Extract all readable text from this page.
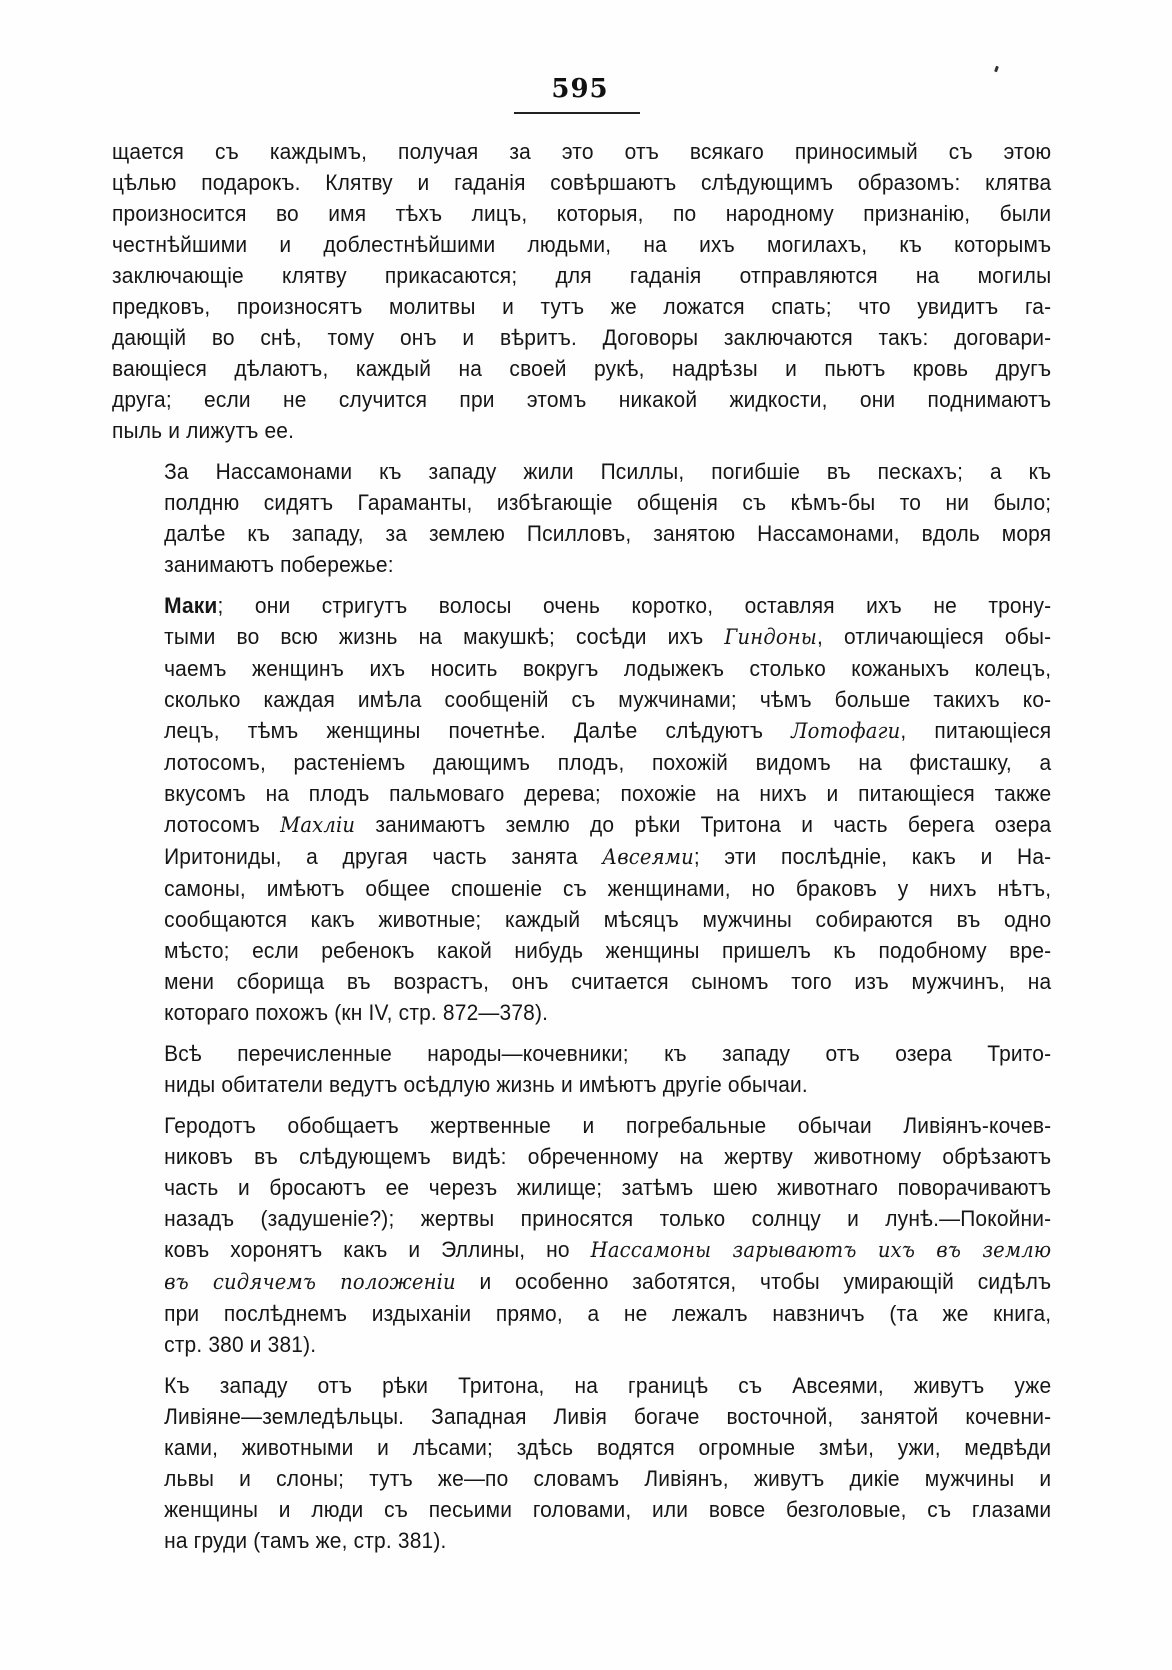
595
щается съ каждымъ, получая за это отъ всякаго приносимый съ этою
цѣлью подарокъ. Клятву и гаданія совѣршаютъ слѣдующимъ образомъ: клятва
произносится во имя тѣхъ лицъ, которыя, по народному признанію, были
честнѣйшими и доблестнѣйшими людьми, на ихъ могилахъ, къ которымъ
заключающіе клятву прикасаются; для гаданія отправляются на могилы
предковъ, произносятъ молитвы и тутъ же ложатся спать; что увидитъ га-
дающій во снѣ, тому онъ и вѣритъ. Договоры заключаются такъ: договари-
вающіеся дѣлаютъ, каждый на своей рукѣ, надрѣзы и пьютъ кровь другъ
друга; если не случится при этомъ никакой жидкости, они поднимаютъ
пыль и лижутъ ее.
За Нассамонами къ западу жили Псиллы, погибшіе въ пескахъ; а къ
полдню сидятъ Гараманты, избѣгающіе общенія съ кѣмъ-бы то ни было;
далѣе къ западу, за землею Псилловъ, занятою Нассамонами, вдоль моря
занимаютъ побережье:
Маки; они стригутъ волосы очень коротко, оставляя ихъ не трону-
тыми во всю жизнь на макушкѣ; сосѣди ихъ Гиндоны, отличающіеся обы-
чаемъ женщинъ ихъ носить вокругъ лодыжекъ столько кожаныхъ колецъ,
сколько каждая имѣла сообщеній съ мужчинами; чѣмъ больше такихъ ко-
лецъ, тѣмъ женщины почетнѣе. Далѣе слѣдуютъ Лотофаги, питающіеся
лотосомъ, растеніемъ дающимъ плодъ, похожій видомъ на фисташку, а
вкусомъ на плодъ пальмоваго дерева; похожіе на нихъ и питающіеся также
лотосомъ Махліи занимаютъ землю до рѣки Тритона и часть берега озера
Иритониды, а другая часть занята Авсеями; эти послѣдніе, какъ и На-
самоны, имѣютъ общее спошеніе съ женщинами, но браковъ у нихъ нѣтъ,
сообщаются какъ животные; каждый мѣсяцъ мужчины собираются въ одно
мѣсто; если ребенокъ какой нибудь женщины пришелъ къ подобному вре-
мени сборища въ возрастъ, онъ считается сыномъ того изъ мужчинъ, на
котораго похожъ (кн IV, стр. 872—378).
Всѣ перечисленные народы—кочевники; къ западу отъ озера Трито-
ниды обитатели ведутъ осѣдлую жизнь и имѣютъ другіе обычаи.
Геродотъ обобщаетъ жертвенные и погребальные обычаи Ливіянъ-кочев-
никовъ въ слѣдующемъ видѣ: обреченному на жертву животному обрѣзаютъ
часть и бросаютъ ее черезъ жилище; затѣмъ шею животнаго поворачиваютъ
назадъ (задушеніе?); жертвы приносятся только солнцу и лунѣ.—Покойни-
ковъ хоронятъ какъ и Эллины, но Нассамоны зарываютъ ихъ въ землю
въ сидячемъ положеніи и особенно заботятся, чтобы умирающій сидѣлъ
при послѣднемъ издыханіи прямо, а не лежалъ навзничъ (та же книга,
стр. 380 и 381).
Къ западу отъ рѣки Тритона, на границѣ съ Авсеями, живутъ уже
Ливіяне—земледѣльцы. Западная Ливія богаче восточной, занятой кочевни-
ками, животными и лѣсами; здѣсь водятся огромные змѣи, ужи, медвѣди
львы и слоны; тутъ же—по словамъ Ливіянъ, живутъ дикіе мужчины и
женщины и люди съ песьими головами, или вовсе безголовые, съ глазами
на груди (тамъ же, стр. 381).
